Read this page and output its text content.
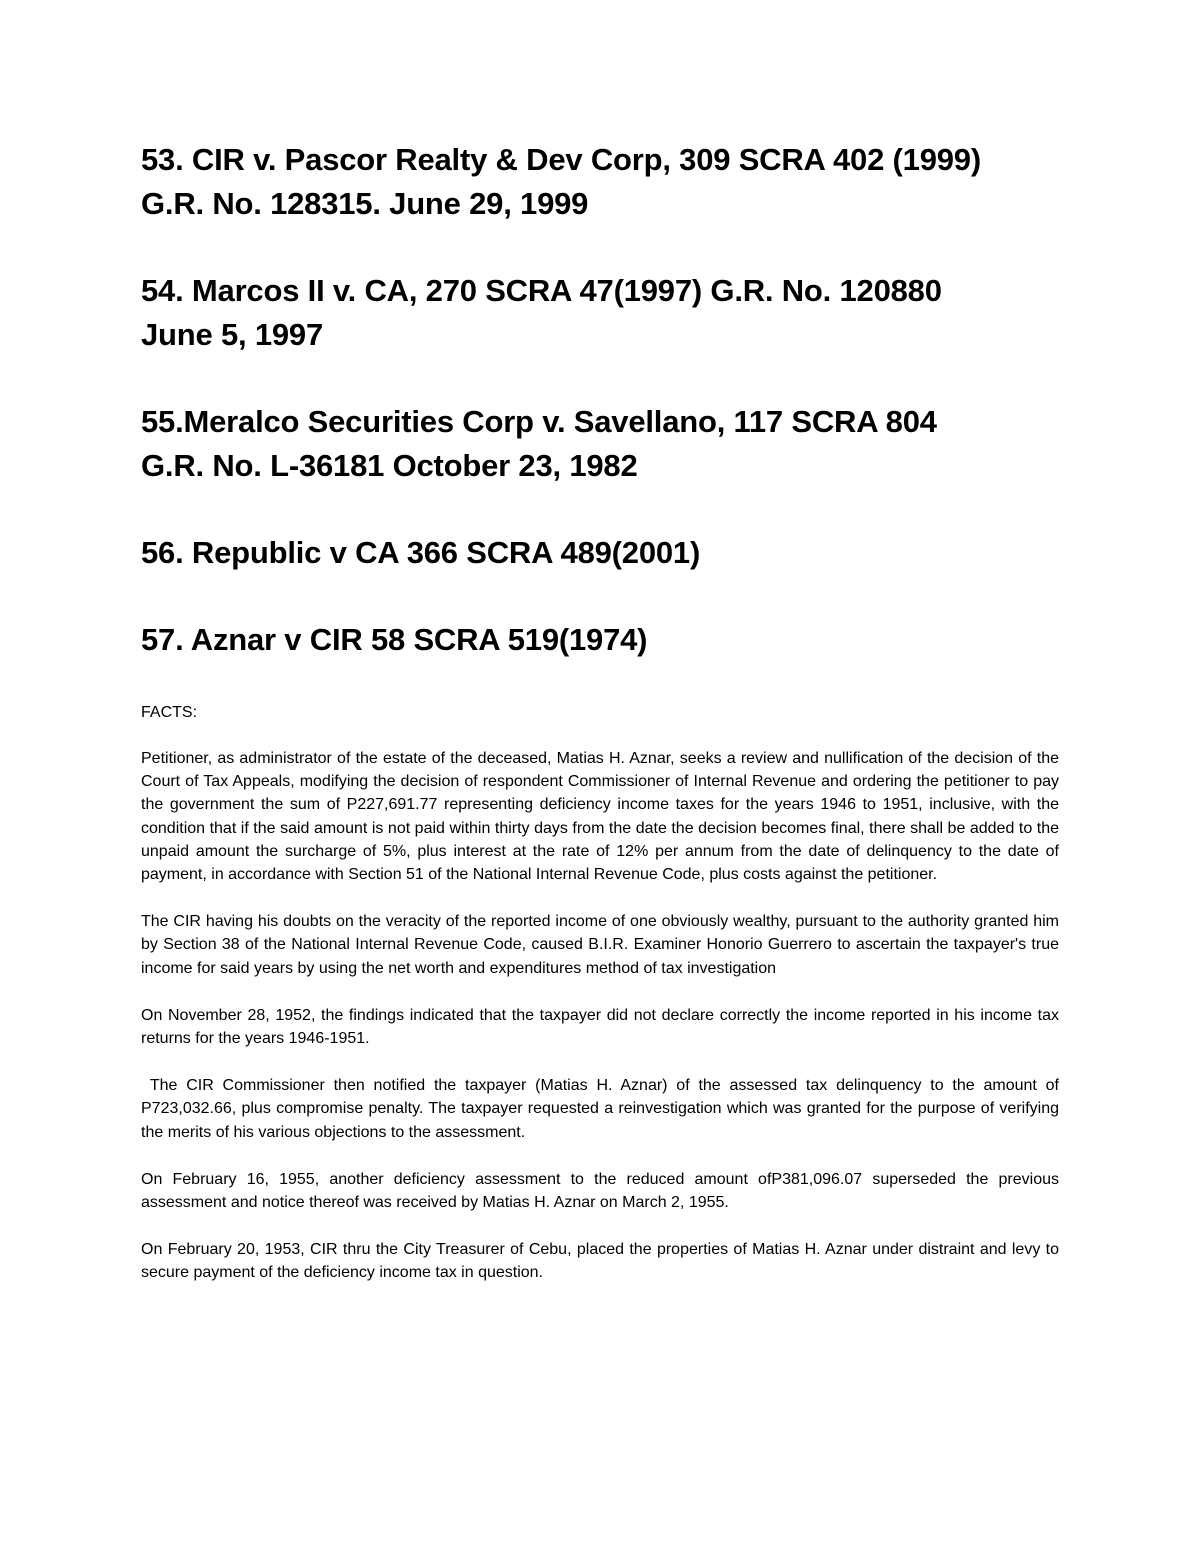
53. CIR v. Pascor Realty & Dev Corp, 309 SCRA 402 (1999)

G.R. No. 128315. June 29, 1999

54. Marcos II v. CA, 270 SCRA 47(1997) G.R. No. 120880

June 5, 1997

55.Meralco Securities Corp v. Savellano, 117 SCRA 804

G.R. No. L-36181 October 23, 1982

56. Republic v CA 366 SCRA 489(2001)

57. Aznar v CIR 58 SCRA 519(1974)

FACTS:

Petitioner, as administrator of the estate of the deceased, Matias H. Aznar, seeks a review and nullification of the decision of the Court of Tax Appeals, modifying the decision of respondent Commissioner of Internal Revenue and ordering the petitioner to pay the government the sum of P227,691.77 representing deficiency income taxes for the years 1946 to 1951, inclusive, with the condition that if the said amount is not paid within thirty days from the date the decision becomes final, there shall be added to the unpaid amount the surcharge of 5%, plus interest at the rate of 12% per annum from the date of delinquency to the date of payment, in accordance with Section 51 of the National Internal Revenue Code, plus costs against the petitioner.

The CIR having his doubts on the veracity of the reported income of one obviously wealthy, pursuant to the authority granted him by Section 38 of the National Internal Revenue Code, caused B.I.R. Examiner Honorio Guerrero to ascertain the taxpayer's true income for said years by using the net worth and expenditures method of tax investigation

On November 28, 1952, the findings indicated that the taxpayer did not declare correctly the income reported in his income tax returns for the years 1946-1951.

The CIR Commissioner then notified the taxpayer (Matias H. Aznar) of the assessed tax delinquency to the amount of P723,032.66, plus compromise penalty. The taxpayer requested a reinvestigation which was granted for the purpose of verifying the merits of his various objections to the assessment.

On February 16, 1955, another deficiency assessment to the reduced amount ofP381,096.07 superseded the previous assessment and notice thereof was received by Matias H. Aznar on March 2, 1955.

On February 20, 1953, CIR thru the City Treasurer of Cebu, placed the properties of Matias H. Aznar under distraint and levy to secure payment of the deficiency income tax in question.
